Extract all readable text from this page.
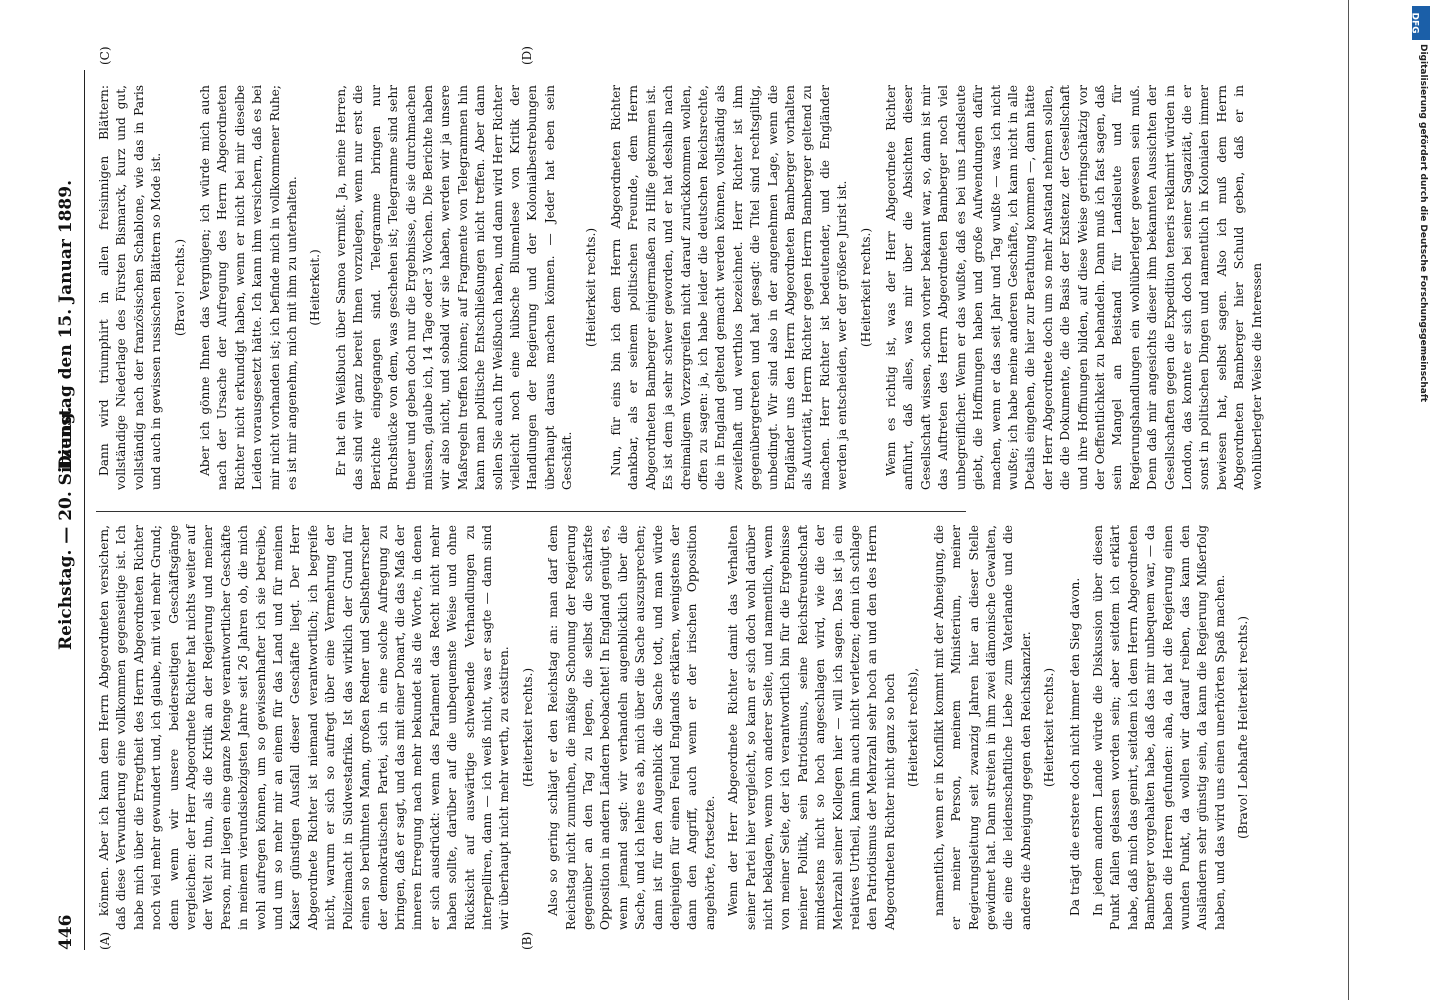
446
Reichstag. — 20. Sitzung.
Dienstag den 15. Januar 1889.
(A)	(B)
(C)	(D)

können. Aber ich kann dem Herrn Abgeordneten versichern, daß diese Verwunderung eine vollkommen gegenseitige ist. Ich habe mich über die Erregtheit des Herrn Abgeordneten Richter noch viel mehr gewundert und, ich glaube, mit viel mehr Grund; denn wenn wir unsere beiderseitigen Geschäftsgänge vergleichen: der Herr Abgeordnete Richter hat nichts weiter auf der Welt zu thun, als die Kritik an der Regierung und meiner Person, mir liegen eine ganze Menge verantwortlicher Geschäfte in meinem vierundsiebzigsten Jahre seit 26 Jahren ob, die mich wohl aufregen können, um so gewissenhafter ich sie betreibe, und um so mehr mir an einem für das Land und für meinen Kaiser günstigen Ausfall dieser Geschäfte liegt. Der Herr Abgeordnete Richter ist niemand verantwortlich; ich begreife nicht, warum er sich so aufregt über eine Vermehrung der Polizeimacht in Südwestafrika. Ist das wirklich der Grund für einen so berühmten Mann, großen Redner und Selbstherrscher der demokratischen Partei, sich in eine solche Aufregung zu bringen, daß er sagt, und das mit einer Donart, die das Maß der inneren Erregung nach mehr bekundet als die Worte, in denen er sich ausdrückt: wenn das Parlament das Recht nicht mehr haben sollte, darüber auf die unbequemste Weise und ohne Rücksicht auf auswärtige schwebende Verhandlungen zu interpelliren, dann — ich weiß nicht, was er sagte — dann sind wir überhaupt nicht mehr werth, zu existiren. (Heiterkeit rechts.) Also so gering schlägt er den Reichstag an: man darf dem Reichstag nicht zumuthen, die mäßige Schonung der Regierung gegenüber an den Tag zu legen, die selbst die schärfste Opposition in andern Ländern beobachtet! In England genügt es, wenn jemand sagt: wir verhandeln augenblicklich über die Sache, und ich lehne es ab, mich über die Sache auszusprechen; dann ist für den Augenblick die Sache todt, und man würde denjenigen für einen Feind Englands erklären, wenigstens der dann den Angriff, auch wenn er der irischen Opposition angehörte, fortsetzte. Wenn der Herr Abgeordnete Richter damit das Verhalten seiner Partei hier vergleicht, so kann er sich doch wohl darüber nicht beklagen, wenn von anderer Seite, und namentlich, wenn von meiner Seite, der ich verantwortlich bin für die Ergebnisse meiner Politik, sein Patriotismus, seine Reichsfreundschaft mindestens nicht so hoch angeschlagen wird, wie die der Mehrzahl seiner Kollegen hier — will ich sagen. Das ist ja ein relatives Urtheil, kann ihn auch nicht verletzen; denn ich schlage den Patriotismus der Mehrzahl sehr hoch an und den des Herrn Abgeordneten Richter nicht ganz so hoch (Heiterkeit rechts), namentlich, wenn er in Konflikt kommt mit der Abneigung, die er meiner Person, meinem Ministerium, meiner Regierungsleitung seit zwanzig Jahren hier an dieser Stelle gewidmet hat. Dann streiten in ihm zwei dämonische Gewalten, die eine die leidenschaftliche Liebe zum Vaterlande und die andere die Abneigung gegen den Reichskanzler. (Heiterkeit rechts.) Da trägt die erstere doch nicht immer den Sieg davon. In jedem andern Lande würde die Diskussion über diesen Punkt fallen gelassen worden sein; aber seitdem ich erklärt habe, daß mich das genirt, seitdem ich dem Herrn Abgeordneten Bamberger vorgehalten habe, daß das mir unbequem war, — da haben die Herren gefunden: aha, da hat die Regierung einen wunden Punkt, da wollen wir darauf reiben, das kann den Ausländern sehr günstig sein, da kann die Regierung Mißerfolg haben, und das wird uns einen unerhörten Spaß machen. (Bravo! Lebhafte Heiterkeit rechts.)

Dann wird triumphirt in allen freisinnigen Blättern: vollständige Niederlage des Fürsten Bismarck, kurz und gut, vollständig nach der französischen Schablone, wie das in Paris und auch in gewissen russischen Blättern so Mode ist. (Bravo! rechts.) Aber ich gönne Ihnen das Vergnügen; ich würde mich auch nach der Ursache der Aufregung des Herrn Abgeordneten Richter nicht erkundigt haben, wenn er nicht bei mir dieselbe Leiden vorausgesetzt hätte. Ich kann ihm versichern, daß es bei mir nicht vorhanden ist; ich befinde mich in vollkommener Ruhe; es ist mir angenehm, mich mit ihm zu unterhalten. (Heiterkeit.) Er hat ein Weißbuch über Samoa vermißt. Ja, meine Herren, das sind wir ganz bereit Ihnen vorzulegen, wenn nur erst die Berichte eingegangen sind. Telegramme bringen nur Bruchstücke von dem, was geschehen ist; Telegramme sind sehr theuer und geben doch nur die Ergebnisse, die sie durchmachen müssen, glaube ich, 14 Tage oder 3 Wochen. Die Berichte haben wir also nicht, und sobald wir sie haben, werden wir ja unsere Maßregeln treffen können; auf Fragmente von Telegrammen hin kann man politische Entschließungen nicht treffen. Aber dann sollen Sie auch Ihr Weißbuch haben, und dann wird Herr Richter vielleicht noch eine hübsche Blumenlese von Kritik der Handlungen der Regierung und der Kolonialbestrebungen überhaupt daraus machen können. — Jeder hat eben sein Geschäft.

(Heiterkeit rechts.) Nun, für eins bin ich dem Herrn Abgeordneten Richter dankbar, als er seinem politischen Freunde, dem Herrn Abgeordneten Bamberger einigermaßen zu Hilfe gekommen ist. Es ist dem ja sehr schwer geworden, und er hat deshalb nach dreimaligem Vorzergreifen nicht darauf zurückkommen wollen, offen zu sagen: ja, ich habe leider die deutschen Reichsrechte, die in England geltend gemacht werden können, vollständig als zweifelhaft und werthlos bezeichnet. Herr Richter ist ihm gegenübergetreten und hat gesagt: die Titel sind rechtsgiltig, unbedingt. Wir sind also in der angenehmen Lage, wenn die Engländer uns den Herrn Abgeordneten Bamberger vorhalten als Autorität, Herrn Richter gegen Herrn Bamberger geltend zu machen. Herr Richter ist bedeutender, und die Engländer werden ja entscheiden, wer der größere Jurist ist. (Heiterkeit rechts.) Wenn es richtig ist, was der Herr Abgeordnete Richter anführt, daß alles, was mir über die Absichten dieser Gesellschaft wissen, schon vorher bekannt war, so, dann ist mir das Auftreten des Herrn Abgeordneten Bamberger noch viel unbegreiflicher. Wenn er das wußte, daß es bei uns Landsleute giebt, die Hoffnungen haben und große Aufwendungen dafür machen, wenn er das seit Jahr und Tag wußte — was ich nicht wußte; ich habe meine anderen Geschäfte, ich kann nicht in alle Details eingehen, die hier zur Berathung kommen —, dann hätte der Herr Abgeordnete doch um so mehr Anstand nehmen sollen, die die Dokumente, die die Basis der Existenz der Gesellschaft und ihre Hoffnungen bilden, auf diese Weise geringschätzig vor der Oeffentlichkeit zu behandeln. Dann muß ich fast sagen, daß sein Mangel an Beistand für Landsleute und für Regierungshandlungen ein wohlüberlegter gewesen sein muß. Denn daß mir angesichts dieser ihm bekannten Aussichten der Gesellschaften gegen die Expedition teneris reklamirt würden in London, das konnte er sich doch bei seiner Sagazität, die er sonst in politischen Dingen und namentlich in Kolonialen immer bewiesen hat, selbst sagen. Also ich muß dem Herrn Abgeordneten Bamberger hier Schuld geben, daß er in wohlüberlegter Weise die Interessen

DFG
Digitalisierung gefördert durch die Deutsche Forschungsgemeinschaft
